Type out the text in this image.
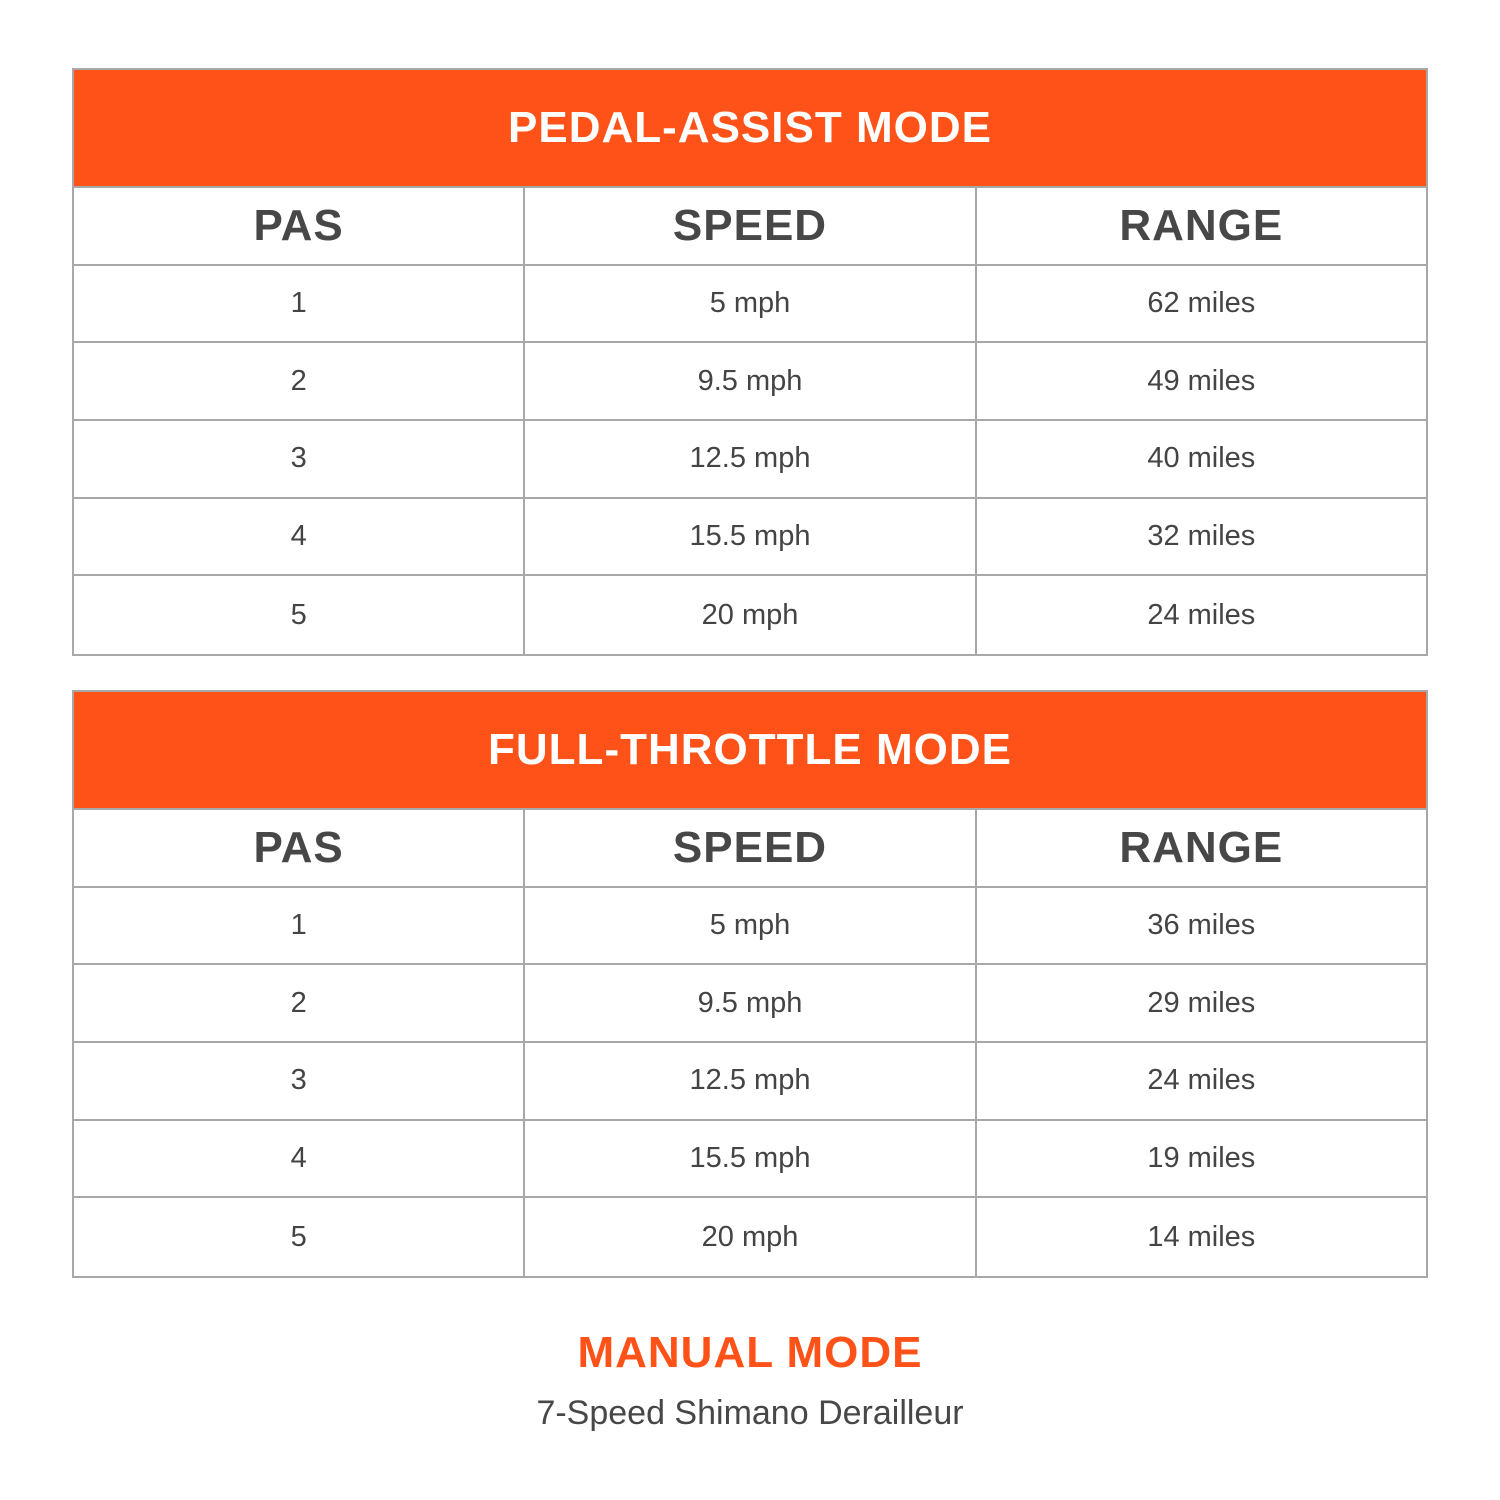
PEDAL-ASSIST MODE
PAS	SPEED	RANGE
1	5 mph	62 miles
2	9.5 mph	49 miles
3	12.5 mph	40 miles
4	15.5 mph	32 miles
5	20 mph	24 miles
FULL-THROTTLE MODE
PAS	SPEED	RANGE
1	5 mph	36 miles
2	9.5 mph	29 miles
3	12.5 mph	24 miles
4	15.5 mph	19 miles
5	20 mph	14 miles
MANUAL MODE
7-Speed Shimano Derailleur
